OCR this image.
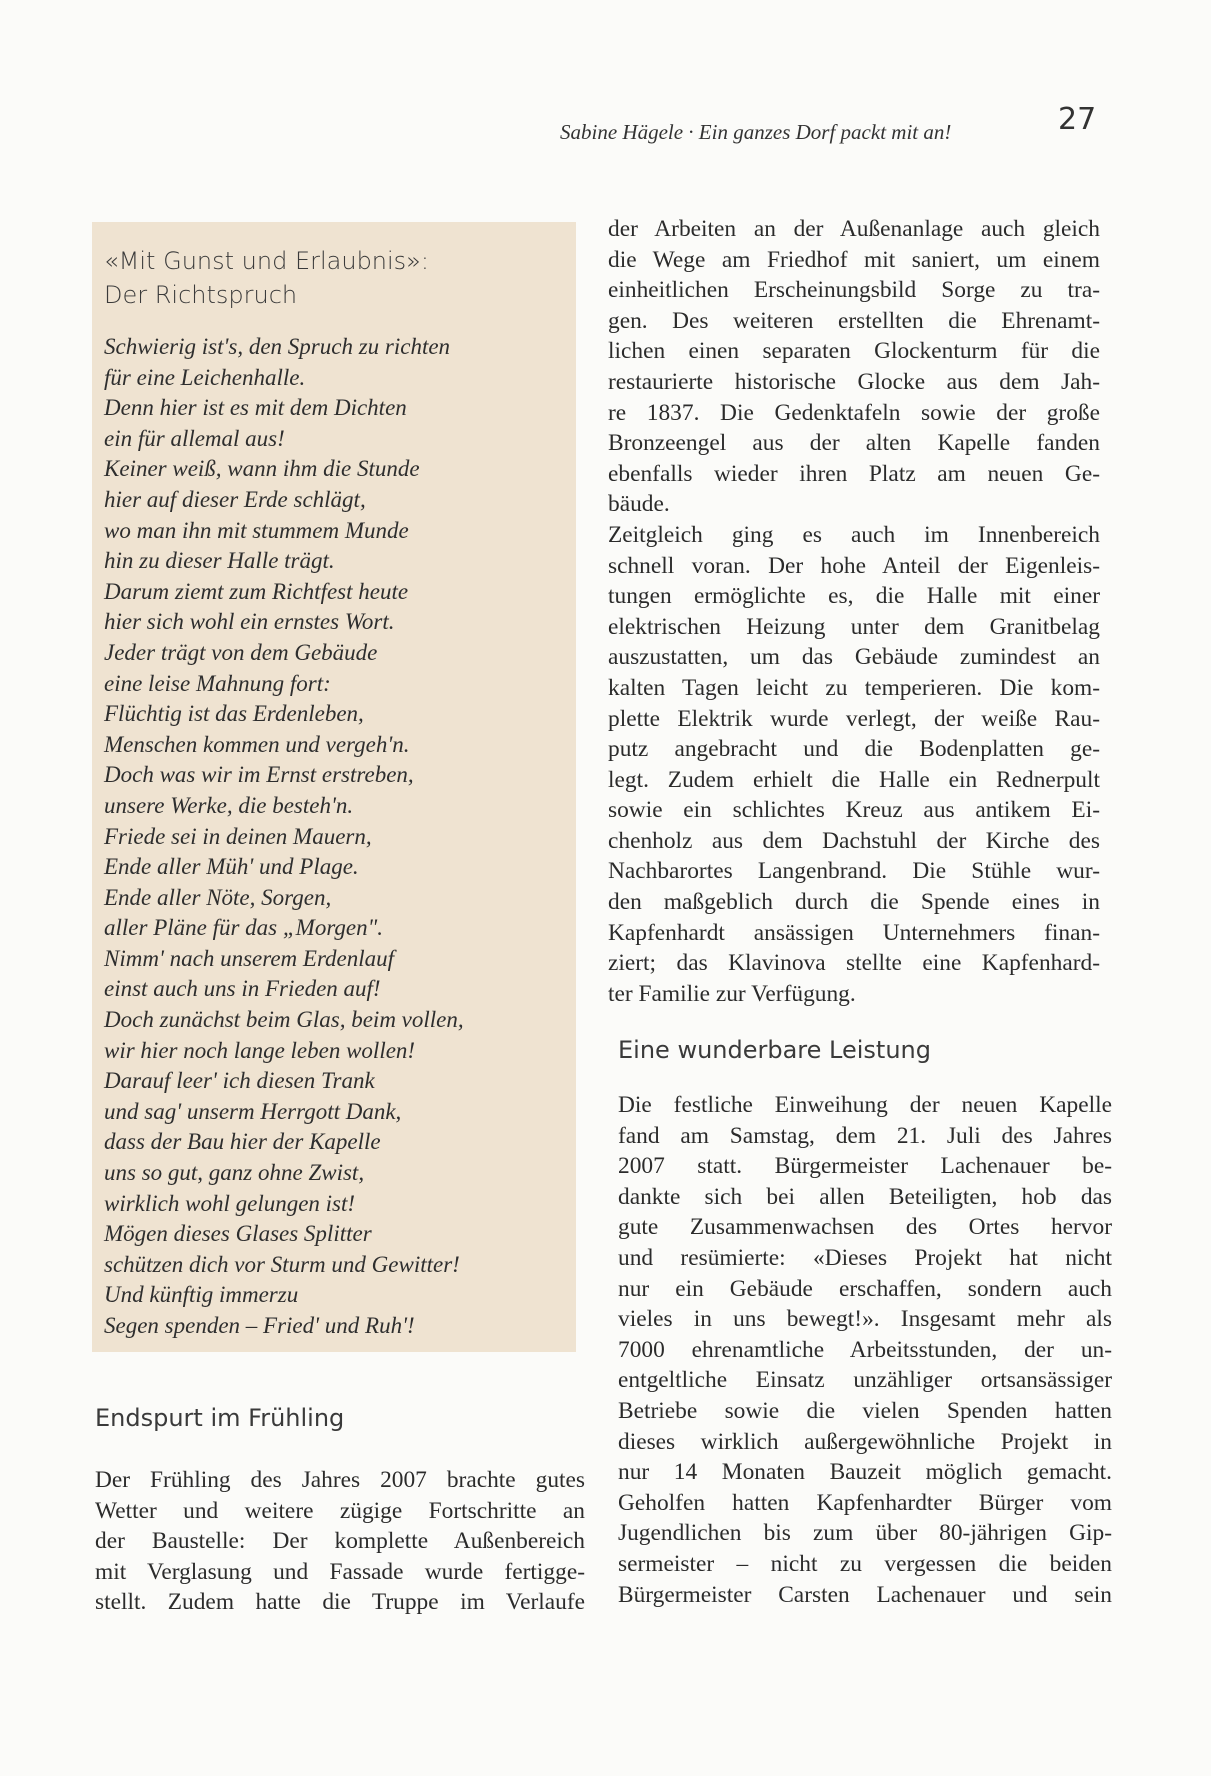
Sabine Hägele · Ein ganzes Dorf packt mit an!	27
«Mit Gunst und Erlaubnis»:
Der Richtspruch
Schwierig ist's, den Spruch zu richten
für eine Leichenhalle.
Denn hier ist es mit dem Dichten
ein für allemal aus!
Keiner weiß, wann ihm die Stunde
hier auf dieser Erde schlägt,
wo man ihn mit stummem Munde
hin zu dieser Halle trägt.
Darum ziemt zum Richtfest heute
hier sich wohl ein ernstes Wort.
Jeder trägt von dem Gebäude
eine leise Mahnung fort:
Flüchtig ist das Erdenleben,
Menschen kommen und vergeh'n.
Doch was wir im Ernst erstreben,
unsere Werke, die besteh'n.
Friede sei in deinen Mauern,
Ende aller Müh' und Plage.
Ende aller Nöte, Sorgen,
aller Pläne für das „Morgen".
Nimm' nach unserem Erdenlauf
einst auch uns in Frieden auf!
Doch zunächst beim Glas, beim vollen,
wir hier noch lange leben wollen!
Darauf leer' ich diesen Trank
und sag' unserm Herrgott Dank,
dass der Bau hier der Kapelle
uns so gut, ganz ohne Zwist,
wirklich wohl gelungen ist!
Mögen dieses Glases Splitter
schützen dich vor Sturm und Gewitter!
Und künftig immerzu
Segen spenden – Fried' und Ruh'!
Endspurt im Frühling
Der Frühling des Jahres 2007 brachte gutes
Wetter und weitere zügige Fortschritte an
der Baustelle: Der komplette Außenbereich
mit Verglasung und Fassade wurde fertigge-
stellt. Zudem hatte die Truppe im Verlaufe
der Arbeiten an der Außenanlage auch gleich
die Wege am Friedhof mit saniert, um einem
einheitlichen Erscheinungsbild Sorge zu tra-
gen. Des weiteren erstellten die Ehrenamt-
lichen einen separaten Glockenturm für die
restaurierte historische Glocke aus dem Jah-
re 1837. Die Gedenktafeln sowie der große
Bronzeengel aus der alten Kapelle fanden
ebenfalls wieder ihren Platz am neuen Ge-
bäude.
Zeitgleich ging es auch im Innenbereich
schnell voran. Der hohe Anteil der Eigenleis-
tungen ermöglichte es, die Halle mit einer
elektrischen Heizung unter dem Granitbelag
auszustatten, um das Gebäude zumindest an
kalten Tagen leicht zu temperieren. Die kom-
plette Elektrik wurde verlegt, der weiße Rau-
putz angebracht und die Bodenplatten ge-
legt. Zudem erhielt die Halle ein Rednerpult
sowie ein schlichtes Kreuz aus antikem Ei-
chenholz aus dem Dachstuhl der Kirche des
Nachbarortes Langenbrand. Die Stühle wur-
den maßgeblich durch die Spende eines in
Kapfenhardt ansässigen Unternehmers finan-
ziert; das Klavinova stellte eine Kapfenhard-
ter Familie zur Verfügung.
Eine wunderbare Leistung
Die festliche Einweihung der neuen Kapelle
fand am Samstag, dem 21. Juli des Jahres
2007 statt. Bürgermeister Lachenauer be-
dankte sich bei allen Beteiligten, hob das
gute Zusammenwachsen des Ortes hervor
und resümierte: «Dieses Projekt hat nicht
nur ein Gebäude erschaffen, sondern auch
vieles in uns bewegt!». Insgesamt mehr als
7000 ehrenamtliche Arbeitsstunden, der un-
entgeltliche Einsatz unzähliger ortsansässiger
Betriebe sowie die vielen Spenden hatten
dieses wirklich außergewöhnliche Projekt in
nur 14 Monaten Bauzeit möglich gemacht.
Geholfen hatten Kapfenhardter Bürger vom
Jugendlichen bis zum über 80-jährigen Gip-
sermeister – nicht zu vergessen die beiden
Bürgermeister Carsten Lachenauer und sein
